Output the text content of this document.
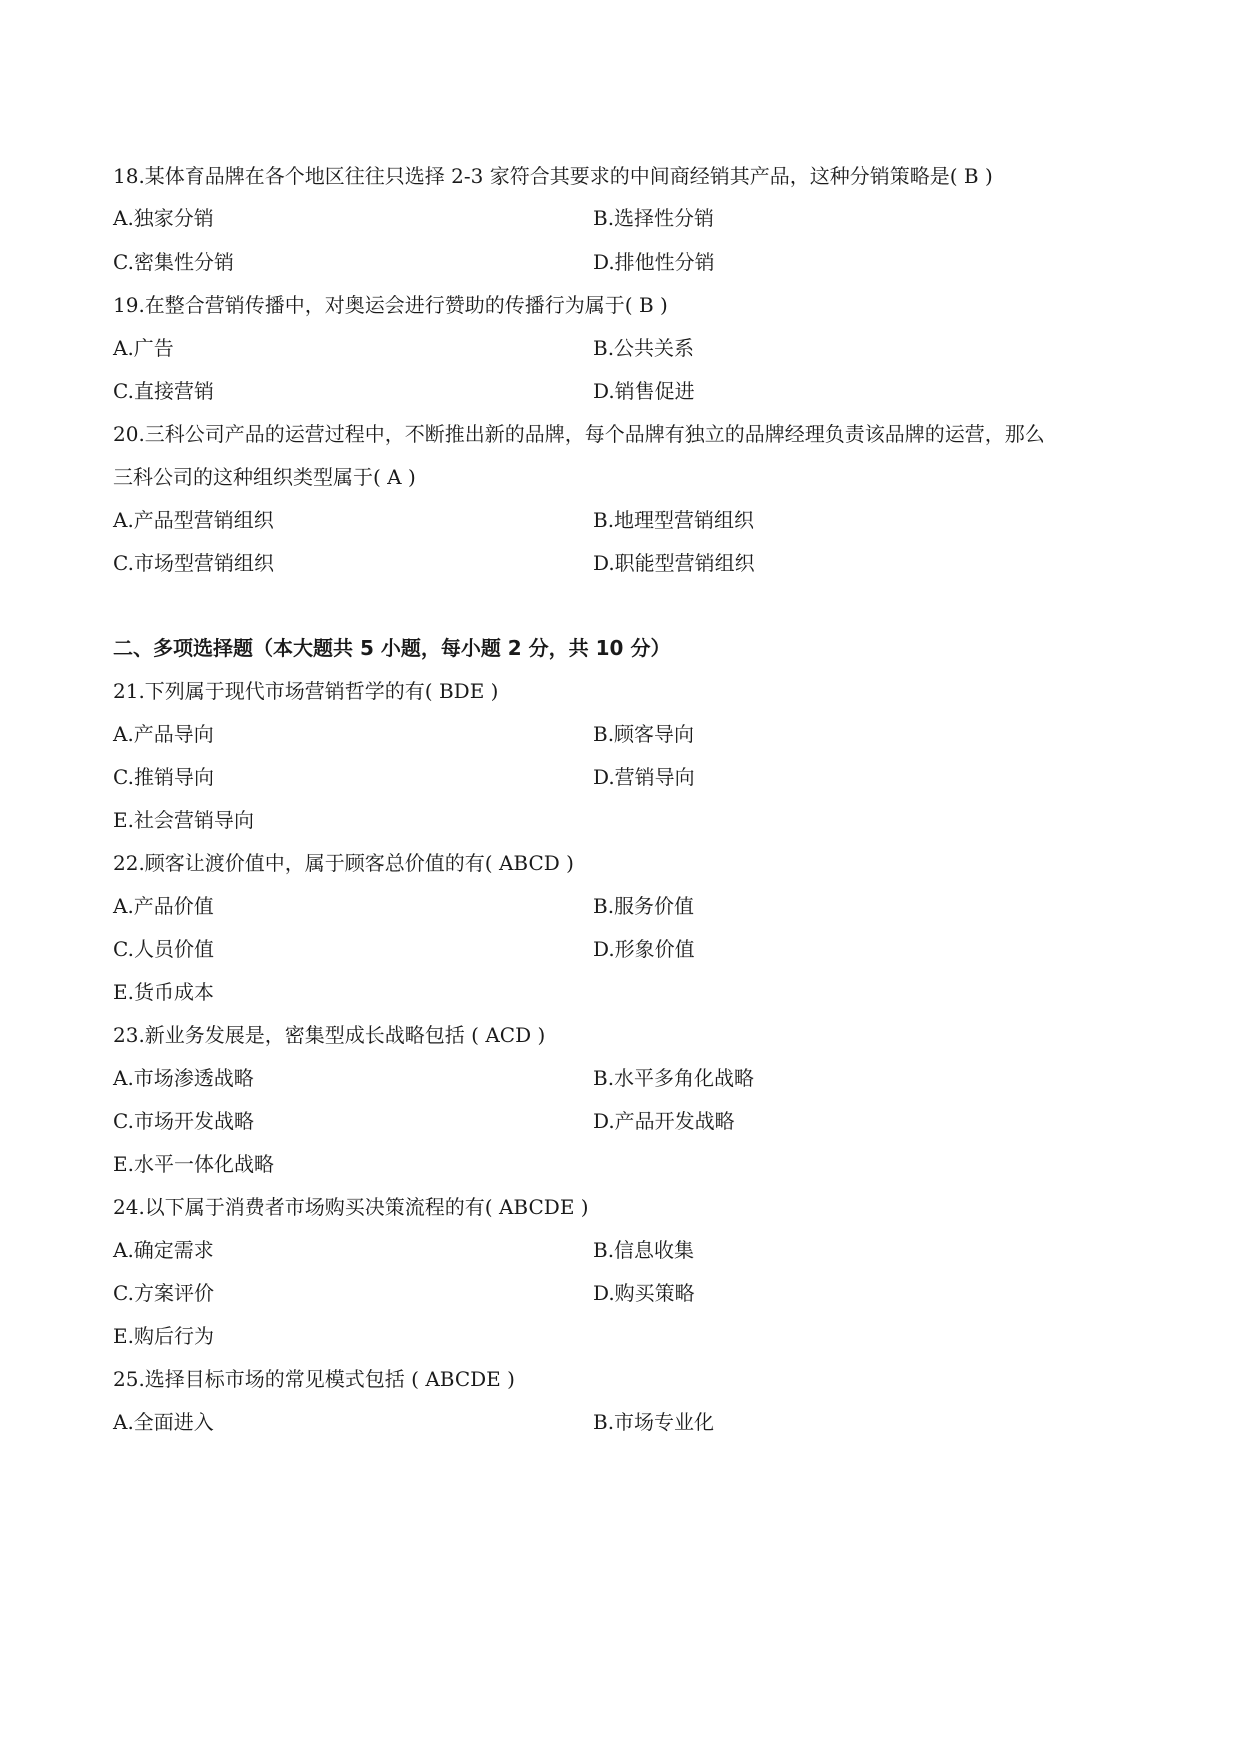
18.某体育品牌在各个地区往往只选择 2-3 家符合其要求的中间商经销其产品，这种分销策略是( B )
A.独家分销	B.选择性分销
C.密集性分销	D.排他性分销
19.在整合营销传播中，对奥运会进行赞助的传播行为属于( B )
A.广告	B.公共关系
C.直接营销	D.销售促进
20.三科公司产品的运营过程中，不断推出新的品牌，每个品牌有独立的品牌经理负责该品牌的运营，那么
三科公司的这种组织类型属于( A )
A.产品型营销组织	B.地理型营销组织
C.市场型营销组织	D.职能型营销组织
二、多项选择题（本大题共 5 小题，每小题 2 分，共 10 分）
21.下列属于现代市场营销哲学的有( BDE )
A.产品导向	B.顾客导向
C.推销导向	D.营销导向
E.社会营销导向
22.顾客让渡价值中，属于顾客总价值的有( ABCD )
A.产品价值	B.服务价值
C.人员价值	D.形象价值
E.货币成本
23.新业务发展是，密集型成长战略包括 ( ACD )
A.市场渗透战略	B.水平多角化战略
C.市场开发战略	D.产品开发战略
E.水平一体化战略
24.以下属于消费者市场购买决策流程的有( ABCDE )
A.确定需求	B.信息收集
C.方案评价	D.购买策略
E.购后行为
25.选择目标市场的常见模式包括 ( ABCDE )
A.全面进入	B.市场专业化
